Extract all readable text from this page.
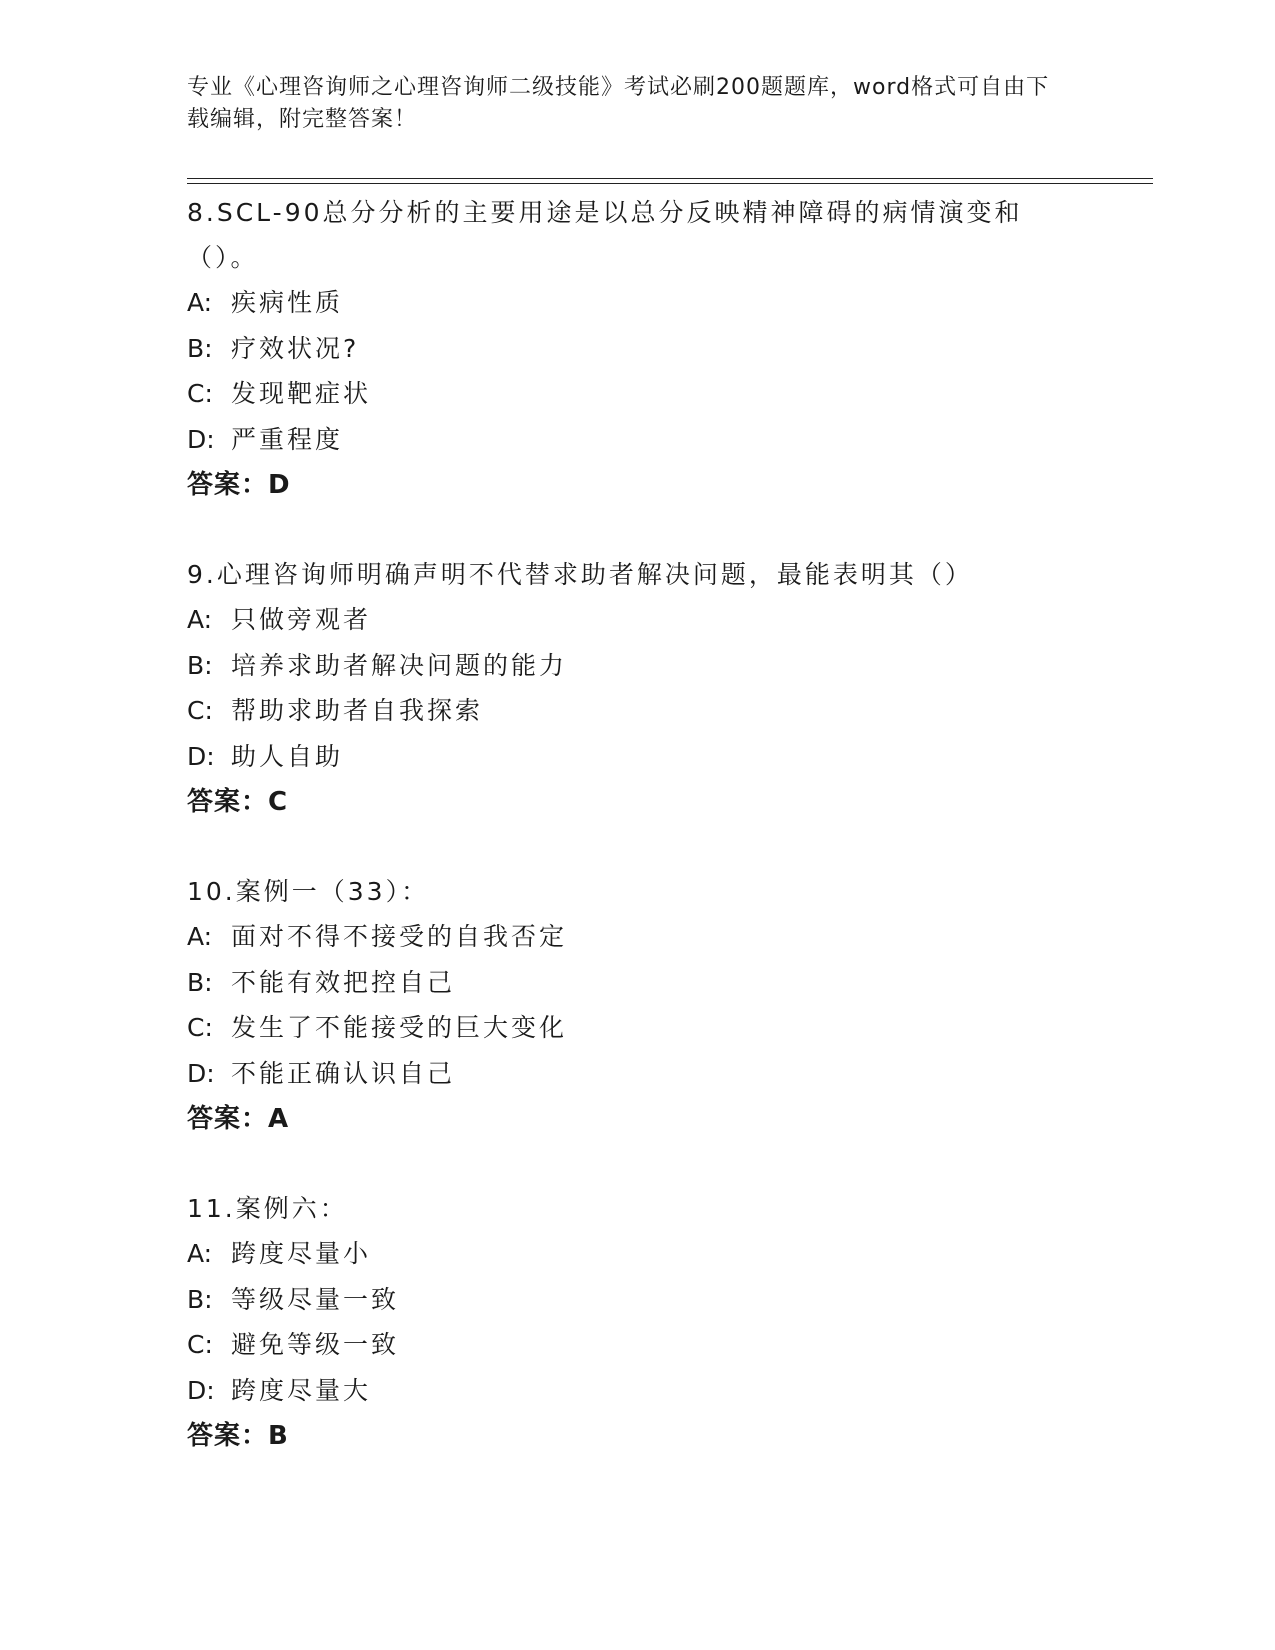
专业《心理咨询师之心理咨询师二级技能》考试必刷200题题库，word格式可自由下载编辑，附完整答案！
8.SCL-90总分分析的主要用途是以总分反映精神障碍的病情演变和（）。
A: 疾病性质
B: 疗效状况?
C: 发现靶症状
D: 严重程度
答案：D
9.心理咨询师明确声明不代替求助者解决问题，最能表明其（）
A: 只做旁观者
B: 培养求助者解决问题的能力
C: 帮助求助者自我探索
D: 助人自助
答案：C
10.案例一（33）：
A: 面对不得不接受的自我否定
B: 不能有效把控自己
C: 发生了不能接受的巨大变化
D: 不能正确认识自己
答案：A
11.案例六：
A: 跨度尽量小
B: 等级尽量一致
C: 避免等级一致
D: 跨度尽量大
答案：B
